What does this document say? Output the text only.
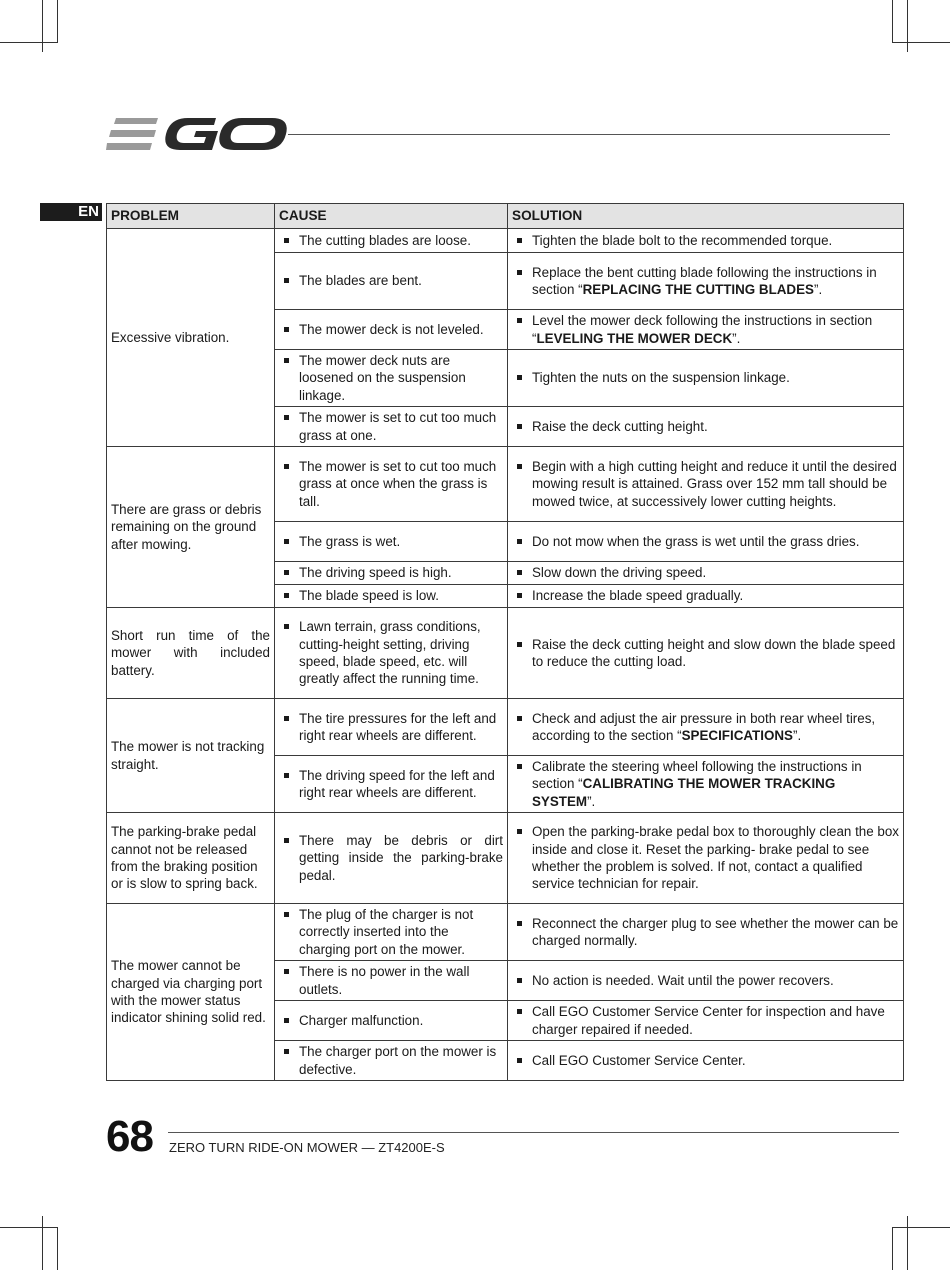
EN PROBLEM	CAUSE	SOLUTION
Excessive vibration.	The cutting blades are loose.	Tighten the blade bolt to the recommended torque.

	The blades are bent.	Replace the bent cutting blade following the instructions in section “REPLACING THE CUTTING BLADES”.

	The mower deck is not leveled.	Level the mower deck following the instructions in section “LEVELING THE MOWER DECK”.

	The mower deck nuts are loosened on the suspension linkage.	Tighten the nuts on the suspension linkage.

	The mower is set to cut too much grass at one.	Raise the deck cutting height.

There are grass or debris remaining on the ground after mowing.	The mower is set to cut too much grass at once when the grass is tall.	Begin with a high cutting height and reduce it until the desired mowing result is attained. Grass over 152 mm tall should be mowed twice, at successively lower cutting heights.

	The grass is wet.	Do not mow when the grass is wet until the grass dries.

	The driving speed is high.	Slow down the driving speed.

	The blade speed is low.	Increase the blade speed gradually.

Short run time of the mower with included battery.	Lawn terrain, grass conditions, cutting-height setting, driving speed, blade speed, etc. will greatly affect the running time.	Raise the deck cutting height and slow down the blade speed to reduce the cutting load.

The mower is not tracking straight.	The tire pressures for the left and right rear wheels are different.	Check and adjust the air pressure in both rear wheel tires, according to the section “SPECIFICATIONS”.

	The driving speed for the left and right rear wheels are different.	Calibrate the steering wheel following the instructions in section “CALIBRATING THE MOWER TRACKING SYSTEM”.

The parking-brake pedal cannot not be released from the braking position or is slow to spring back.	There may be debris or dirt getting inside the parking-brake pedal.	Open the parking-brake pedal box to thoroughly clean the box inside and close it. Reset the parking- brake pedal to see whether the problem is solved. If not, contact a qualified service technician for repair.

The mower cannot be charged via charging port with the mower status indicator shining solid red.	The plug of the charger is not correctly inserted into the charging port on the mower.	Reconnect the charger plug to see whether the mower can be charged normally.

	There is no power in the wall outlets.	No action is needed. Wait until the power recovers.

	Charger malfunction.	Call EGO Customer Service Center for inspection and have charger repaired if needed.

	The charger port on the mower is defective.	Call EGO Customer Service Center.
68 ZERO TURN RIDE-ON MOWER — ZT4200E-S
